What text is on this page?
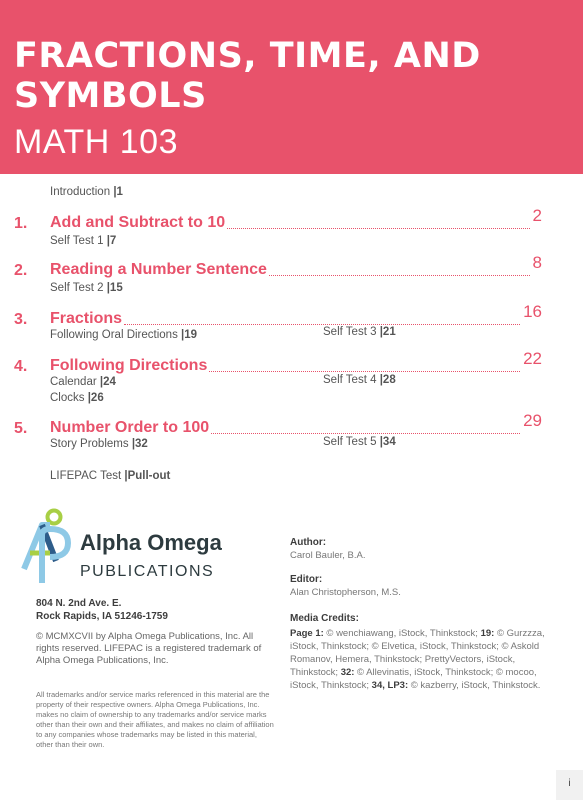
FRACTIONS, TIME, AND SYMBOLS
MATH 103
Introduction |1
1. Add and Subtract to 10	2
Self Test 1 |7
2. Reading a Number Sentence	8
Self Test 2 |15
3. Fractions	16
Following Oral Directions |19	Self Test 3 |21
4. Following Directions	22
Calendar |24
Clocks |26
Self Test 4 |28
5. Number Order to 100	29
Story Problems |32	Self Test 5 |34
LIFEPAC Test |Pull-out
Alpha Omega
PUBLICATIONS
804 N. 2nd Ave. E.
Rock Rapids, IA 51246-1759
© MCMXCVII by Alpha Omega Publications, Inc. All rights reserved. LIFEPAC is a registered trademark of Alpha Omega Publications, Inc.
All trademarks and/or service marks referenced in this material are the property of their respective owners. Alpha Omega Publications, Inc. makes no claim of ownership to any trademarks and/or service marks other than their own and their affiliates, and makes no claim of affiliation to any companies whose trademarks may be listed in this material, other than their own.
Author:
Carol Bauler, B.A.
Editor:
Alan Christopherson, M.S.
Media Credits:
Page 1: © wenchiawang, iStock, Thinkstock; 19: © Gurzzza, iStock, Thinkstock; © Elvetica, iStock, Thinkstock; © Askold Romanov, Hemera, Thinkstock; PrettyVectors, iStock, Thinkstock; 32: © Allevinatis, iStock, Thinkstock; © mocoo, iStock, Thinkstock; 34, LP3: © kazberry, iStock, Thinkstock.
i
